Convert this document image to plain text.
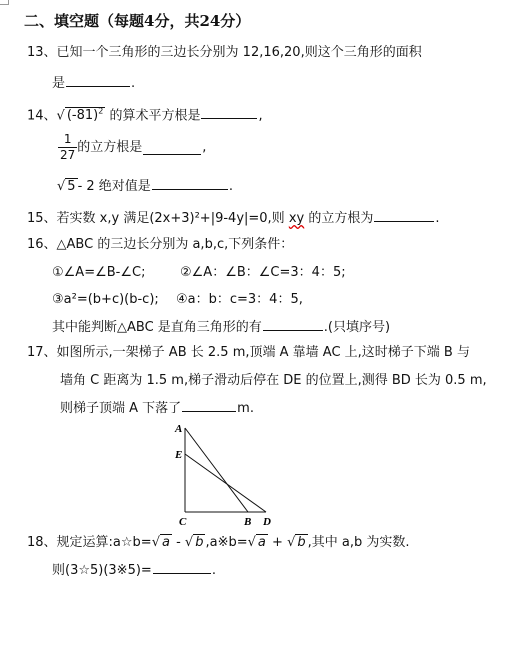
二、填空题（每题4分，共24分）
13、已知一个三角形的三边长分别为 12,16,20,则这个三角形的面积
是	.
14、√ $(-81)^2$ 的算术平方根是	,
$\frac{1}{27}$ 的立方根是	,
√ 5 - 2 绝对值是	.
15、若实数 x,y 满足(2x+3)²+|9-4y|=0,则 xy 的立方根为	.
16、△ABC 的三边长分别为 a,b,c,下列条件：
①∠A=∠B-∠C;	②∠A：∠B：∠C=3：4：5;
③a²=(b+c)(b-c); ④a：b：c=3：4：5,
其中能判断△ABC 是直角三角形的有	.(只填序号)
17、如图所示,一架梯子 AB 长 2.5 m,顶端 A 靠墙 AC 上,这时梯子下端 B 与
墙角 C 距离为 1.5 m,梯子滑动后停在 DE 的位置上,测得 BD 长为 0.5 m,
则梯子顶端 A 下落了	m.
A
E
C	B D
18、规定运算:a☆b=√ a - √ b ,a※b=√ a + √ b ,其中 a,b 为实数.
则(3☆5)(3※5)=	.
